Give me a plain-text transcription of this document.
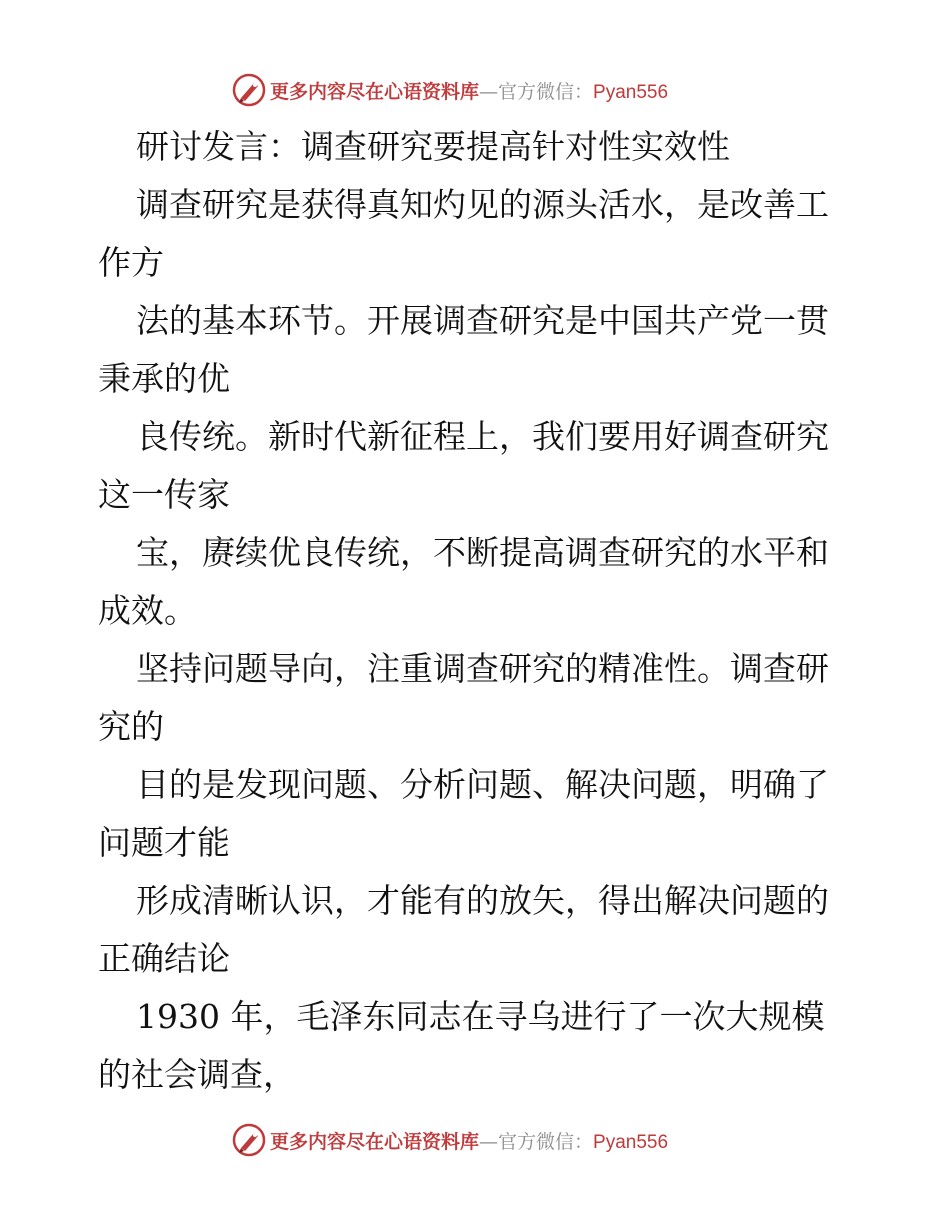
更多内容尽在心语资料库—官方微信：Pyan556
研讨发言：调查研究要提高针对性实效性
调查研究是获得真知灼见的源头活水，是改善工
作方
法的基本环节。开展调查研究是中国共产党一贯
秉承的优
良传统。新时代新征程上，我们要用好调查研究
这一传家
宝，赓续优良传统，不断提高调查研究的水平和
成效。
坚持问题导向，注重调查研究的精准性。调查研
究的
目的是发现问题、分析问题、解决问题，明确了
问题才能
形成清晰认识，才能有的放矢，得出解决问题的
正确结论
1930 年，毛泽东同志在寻乌进行了一次大规模
的社会调查，
更多内容尽在心语资料库—官方微信：Pyan556
